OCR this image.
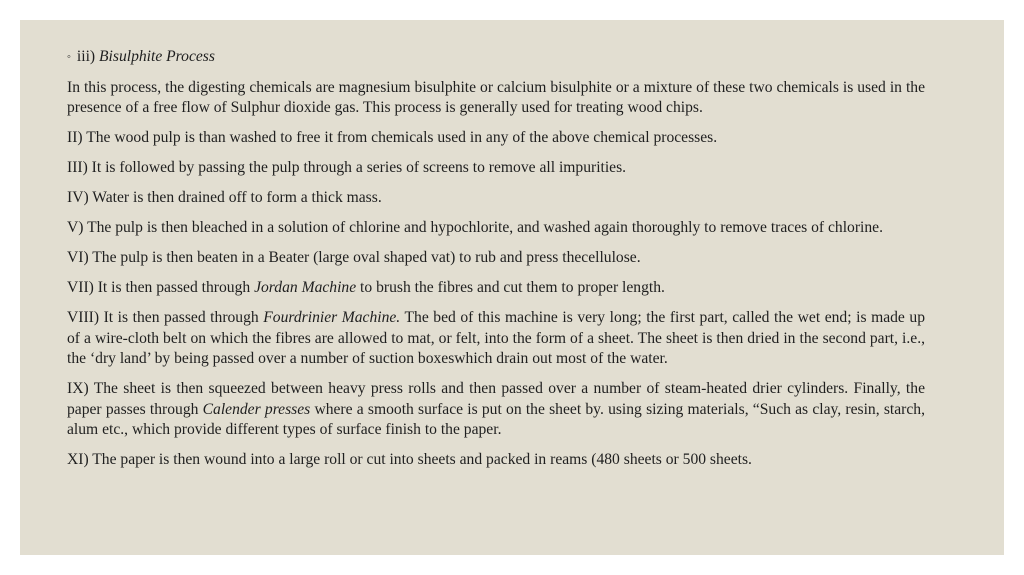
◦ iii)
Bisulphite Process

In this process, the digesting chemicals are magnesium bisulphite or calcium bisulphite or a mixture of these two chemicals is used in the presence of a free flow of Sulphur dioxide gas. This process is generally used for treating wood chips.

II) The wood pulp is than washed to free it from chemicals used in any of the above chemical processes.

III) It is followed by passing the pulp through a series of screens to remove all impurities.

IV) Water is then drained off to form a thick mass.

V) The pulp is then bleached in a solution of chlorine and hypochlorite, and washed again thoroughly to remove traces of chlorine.

VI) The pulp is then beaten in a Beater (large oval shaped vat) to rub and press thecellulose.

VII) It is then passed through Jordan Machine to brush the fibres and cut them to proper length.

VIII) It is then passed through Fourdrinier Machine. The bed of this machine is very long; the first part, called the wet end; is made up of a wire-cloth belt on which the fibres are allowed to mat, or felt, into the form of a sheet. The sheet is then dried in the second part, i.e., the ‘dry land’ by being passed over a number of suction boxeswhich drain out most of the water.

IX) The sheet is then squeezed between heavy press rolls and then passed over a number of steam-heated drier cylinders. Finally, the paper passes through Calender presses where a smooth surface is put on the sheet by. using sizing materials, “Such as clay, resin, starch, alum etc., which provide different types of surface finish to the paper.

XI) The paper is then wound into a large roll or cut into sheets and packed in reams (480 sheets or 500 sheets.
